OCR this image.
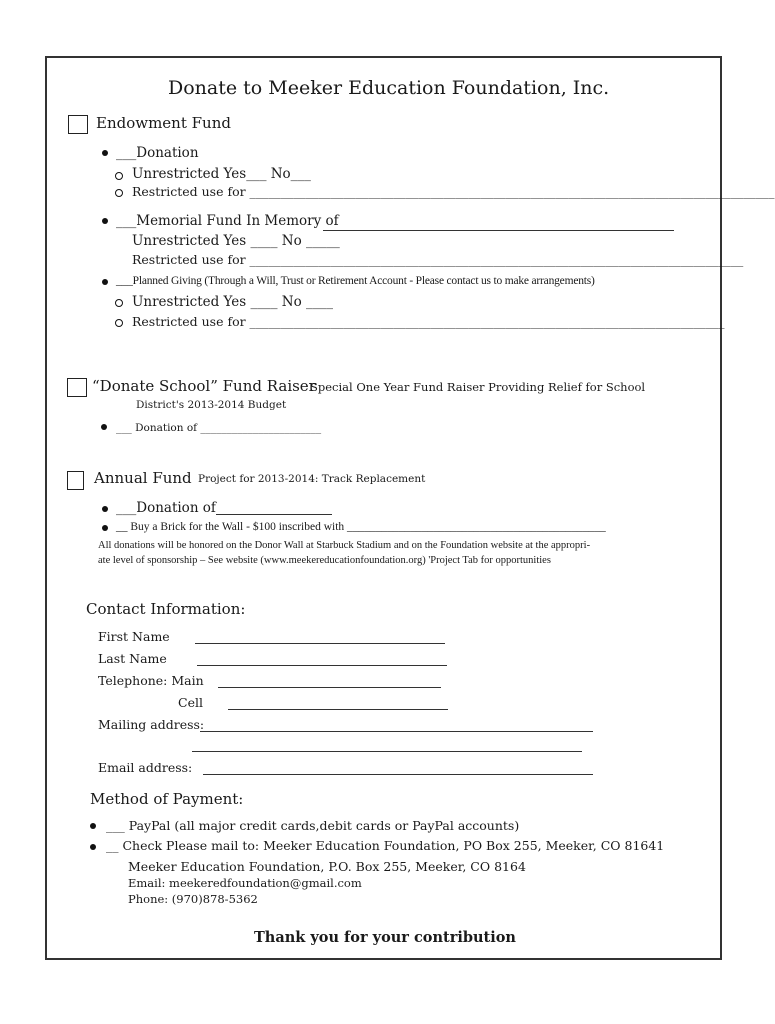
Donate to Meeker Education Foundation, Inc.
Endowment Fund
___Donation
Unrestricted Yes___ No___
Restricted use for ____________________________________________________________________________________
___Memorial Fund In Memory of
Unrestricted Yes ____ No _____
Restricted use for _______________________________________________________________________________
___Planned Giving (Through a Will, Trust or Retirement Account - Please contact us to make arrangements)
Unrestricted Yes ____ No ____
Restricted use for ____________________________________________________________________________
“Donate School” Fund Raiser
Special One Year Fund Raiser Providing Relief for School
District's 2013-2014 Budget
___ Donation of _______________________
Annual Fund Project for 2013-2014: Track Replacement
___Donation of
__ Buy a Brick for the Wall - $100 inscribed with _____________________________________________
All donations will be honored on the Donor Wall at Starbuck Stadium and on the Foundation website at the appropri-
ate level of sponsorship – See website (www.meekereducationfoundation.org) 'Project Tab for opportunities
Contact Information:
First Name
Last Name
Telephone: Main
Cell
Mailing address:
Email address:
Method of Payment:
___ PayPal (all major credit cards,debit cards or PayPal accounts)
__ Check Please mail to: Meeker Education Foundation, PO Box 255, Meeker, CO 81641
Meeker Education Foundation, P.O. Box 255, Meeker, CO 8164
Email: meekeredfoundation@gmail.com
Phone: (970)878-5362
Thank you for your contribution
